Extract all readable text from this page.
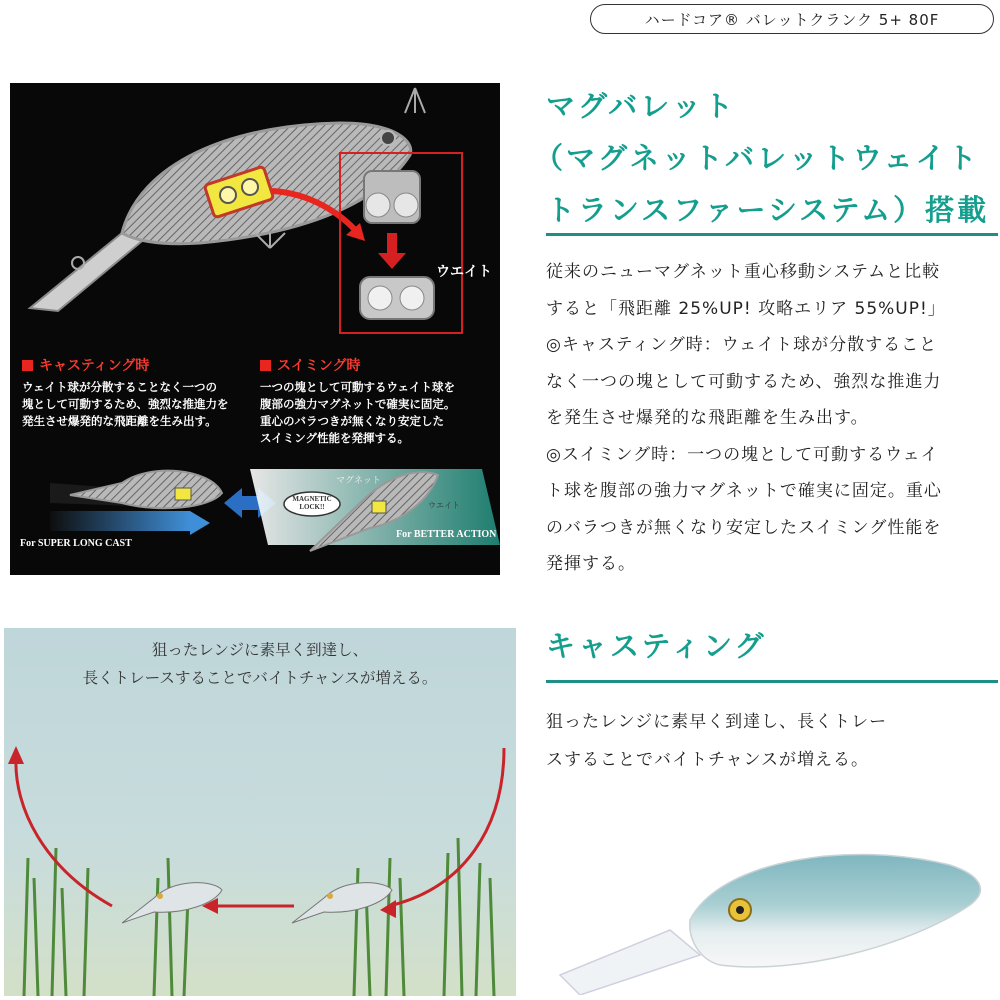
ハードコア® バレットクランク 5+ 80F
ウエイト
キャスティング時
ウェイト球が分散することなく一つの
塊として可動するため、強烈な推進力を
発生させ爆発的な飛距離を生み出す。
スイミング時
一つの塊として可動するウェイト球を
腹部の強力マグネットで確実に固定。
重心のバラつきが無くなり安定した
スイミング性能を発揮する。
マグネット
ウエイト
MAGNETIC
LOCK!!
For SUPER LONG CAST
For BETTER ACTION
マグバレット
（マグネットバレットウェイト
トランスファーシステム）搭載
従来のニューマグネット重心移動システムと比較
すると「飛距離 25%UP! 攻略エリア 55%UP!」
◎キャスティング時：ウェイト球が分散すること
なく一つの塊として可動するため、強烈な推進力
を発生させ爆発的な飛距離を生み出す。
◎スイミング時：一つの塊として可動するウェイ
ト球を腹部の強力マグネットで確実に固定。重心
のバラつきが無くなり安定したスイミング性能を
発揮する。
狙ったレンジに素早く到達し、
長くトレースすることでバイトチャンスが増える。
キャスティング
狙ったレンジに素早く到達し、長くトレー
スすることでバイトチャンスが増える。
